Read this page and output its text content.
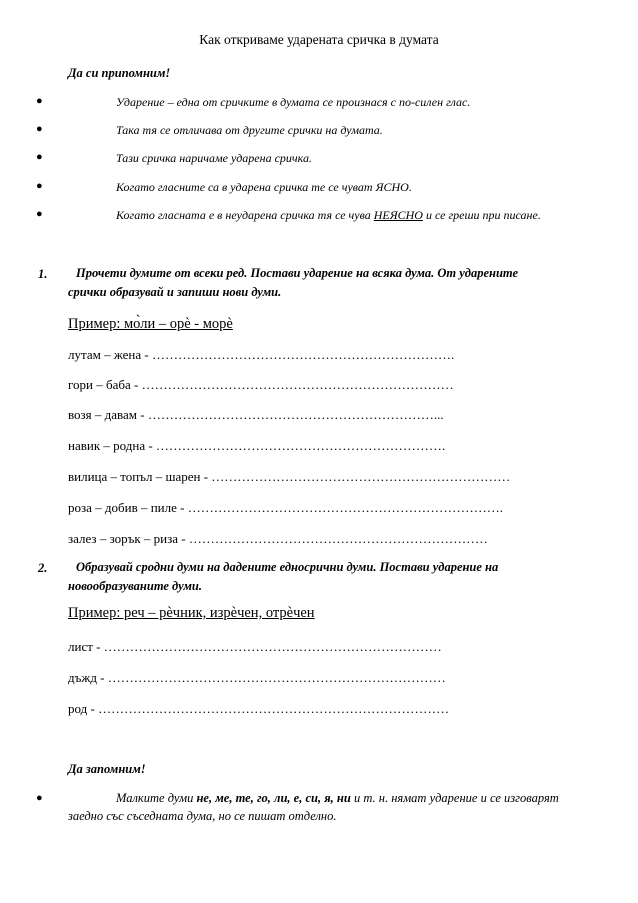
Как откриваме ударената сричка в думата
Да си припомним!
●	Ударение – една от сричките в думата се произнася с по-силен глас.
●	Така тя се отличава от другите срички на думата.
●	Тази сричка наричаме ударена сричка.
●	Когато гласните са в ударена сричка те се чуват ЯСНО.
●	Когато гласната е в неударена сричка тя се чува НЕЯСНО и се греши при писане.
1.	Прочети думите от всеки ред. Постави ударение на всяка дума. От ударените
срички образувай и запиши нови думи.
Пример: мо̀ли – орѐ - морѐ
лутам – жена - …………………………………………………………….
гори – баба - ………………………………………………………………
возя – давам - …………………………………………………………...
навик – родна - ………………………………………………………….
вилица – топъл – шарен - ……………………………………………………………
роза – добив – пиле - ……………………………………………………………….
залез – зорък – риза - ……………………………………………………………
2.	Образувай сродни думи на дадените едносрични думи. Постави ударение на
новообразуваните думи.
Пример: реч – рѐчник, изрѐчен, отрѐчен
лист - ……………………………………………………………………
дъжд - ……………………………………………………………………
род - ………………………………………………………………………
Да запомним!
●	Малките думи не, ме, те, го, ли, е, си, я, ни и т. н. нямат ударение и се изговарят
заедно със съседната дума, но се пишат отделно.
